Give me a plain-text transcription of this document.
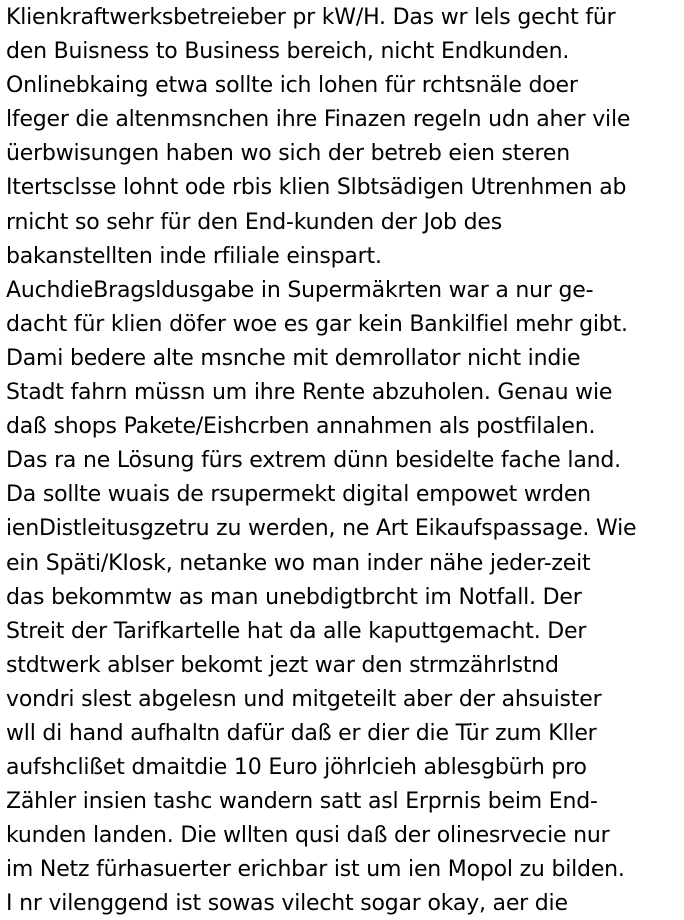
Klienkraftwerksbetreieber pr kW/H. Das wr lels gecht für
den Buisness to Business bereich, nicht Endkunden.
Onlinebkaing etwa sollte ich lohen für rchtsnäle doer
lfeger die altenmsnchen ihre Finazen regeln udn aher vile
üerbwisungen haben wo sich der betreb eien steren
Itertsclsse lohnt ode rbis klien Slbtsädigen Utrenhmen ab
rnicht so sehr für den End-kunden der Job des
bakanstellten inde rfiliale einspart.
AuchdieBragsldusgabe in Supermäkrten war a nur ge-
dacht für klien döfer woe es gar kein Bankilfiel mehr gibt.
Dami bedere alte msnche mit demrollator nicht indie
Stadt fahrn müssn um ihre Rente abzuholen. Genau wie
daß shops Pakete/Eishcrben annahmen als postfilalen.
Das ra ne Lösung fürs extrem dünn besidelte fache land.
Da sollte wuais de rsupermekt digital empowet wrden
ienDistleitusgzetru zu werden, ne Art Eikaufspassage. Wie
ein Späti/KIosk, netanke wo man inder nähe jeder-zeit
das bekommtw as man unebdigtbrcht im Notfall. Der
Streit der Tarifkartelle hat da alle kaputtgemacht. Der
stdtwerk ablser bekomt jezt war den strmzährlstnd
vondri slest abgelesn und mitgeteilt aber der ahsuister
wll di hand aufhaltn dafür daß er dier die Tür zum Kller
aufshclißet dmaitdie 10 Euro jöhrlcieh ablesgbürh pro
Zähler insien tashc wandern satt asl Erprnis beim End-
kunden landen. Die wllten qusi daß der olinesrvecie nur
im Netz fürhasuerter erichbar ist um ien Mopol zu bilden.
I nr vilenggend ist sowas vilecht sogar okay, aer die
